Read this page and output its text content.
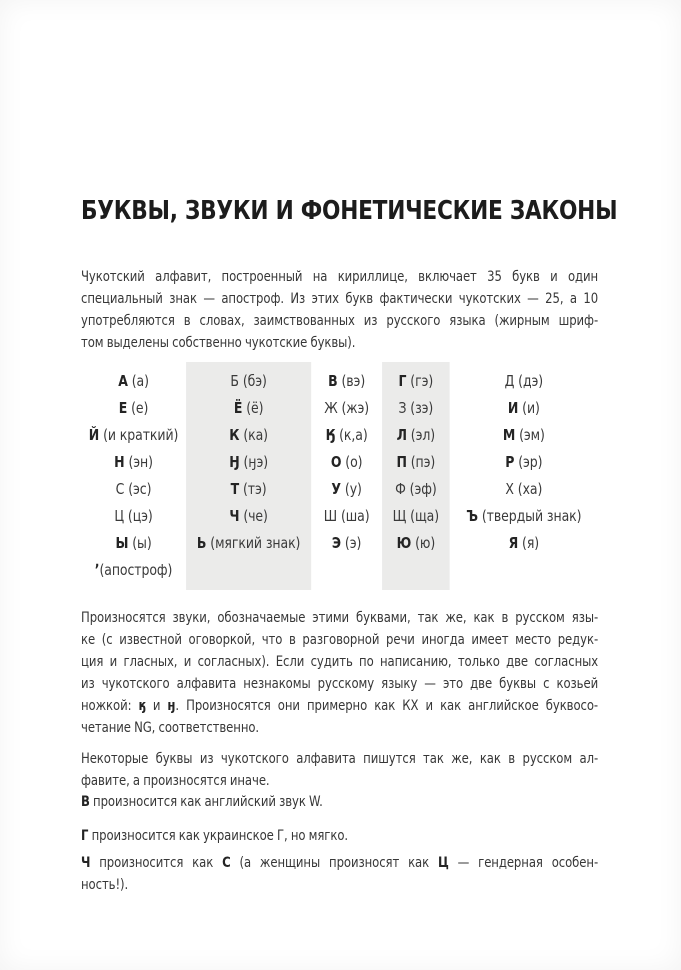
БУКВЫ, ЗВУКИ И ФОНЕТИЧЕСКИЕ ЗАКОНЫ
Чукотский алфавит, построенный на кириллице, включает 35 букв и один
специальный знак — апостроф. Из этих букв фактически чукотских — 25, а 10
употребляются в словах, заимствованных из русского языка (жирным шриф-
том выделены собственно чукотские буквы).
А (а)
Е (е)
Й (и краткий)
Н (эн)
С (эс)
Ц (цэ)
Ы (ы)
ʼ(апостроф)
Б (бэ)
Ё (ё)
К (ка)
Ӈ (ӈэ)
Т (тэ)
Ч (че)
Ь (мягкий знак)
В (вэ)
Ж (жэ)
Ӄ (к,а)
О (о)
У (у)
Ш (ша)
Э (э)
Г (гэ)
З (зэ)
Л (эл)
П (пэ)
Ф (эф)
Щ (ща)
Ю (ю)
Д (дэ)
И (и)
М (эм)
Р (эр)
Х (ха)
Ъ (твердый знак)
Я (я)
Произносятся звуки, обозначаемые этими буквами, так же, как в русском язы-
ке (с известной оговоркой, что в разговорной речи иногда имеет место редук-
ция и гласных, и согласных). Если судить по написанию, только две согласных
из чукотского алфавита незнакомы русскому языку — это две буквы с козьей
ножкой: ӄ и ӈ. Произносятся они примерно как КХ и как английское буквосо-
четание NG, соответственно.
Некоторые буквы из чукотского алфавита пишутся так же, как в русском ал-
фавите, а произносятся иначе.
В произносится как английский звук W.
Г произносится как украинское Г, но мягко.
Ч произносится как С (а женщины произносят как Ц — гендерная особен-
ность!).
